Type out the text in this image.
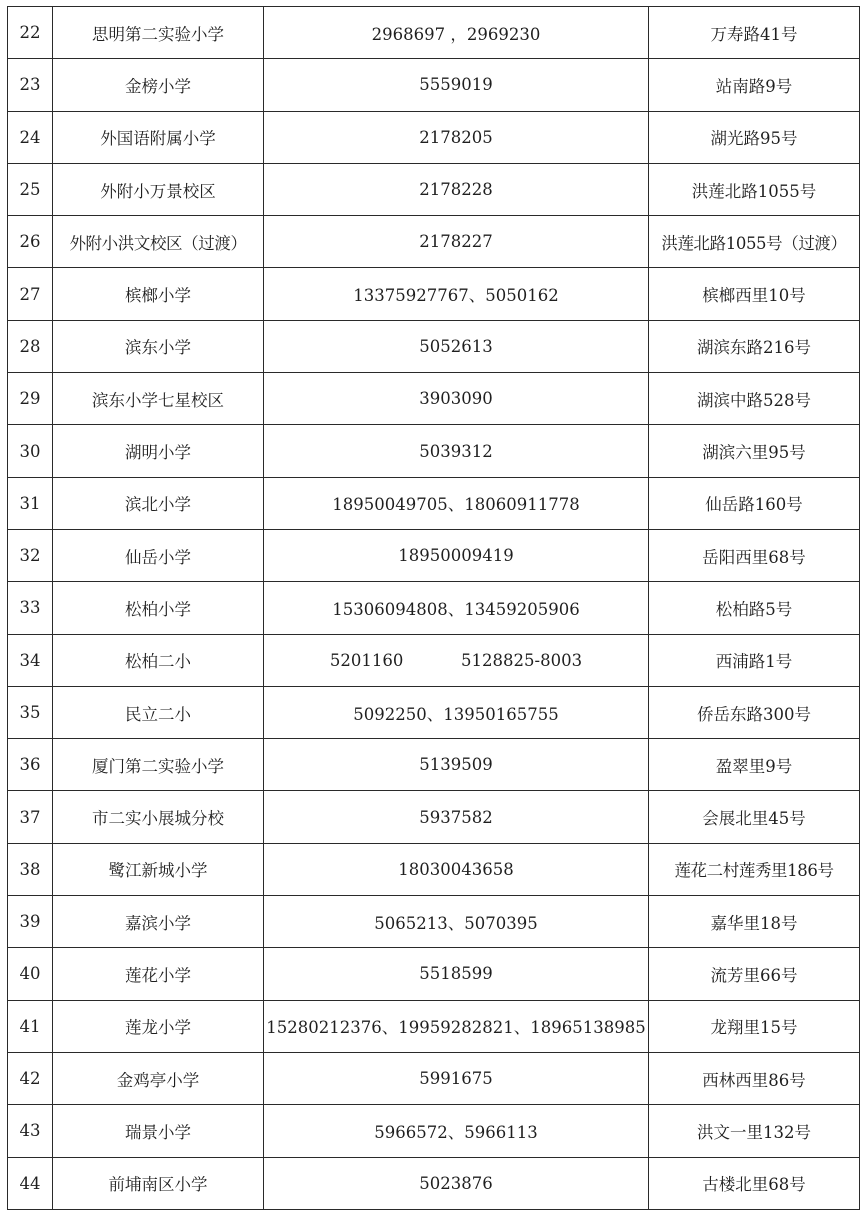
22	思明第二实验小学	2968697 ，2969230	万寿路41号
23	金榜小学	5559019	站南路9号
24	外国语附属小学	2178205	湖光路95号
25	外附小万景校区	2178228	洪莲北路1055号
26	外附小洪文校区（过渡）	2178227	洪莲北路1055号（过渡）
27	槟榔小学	13375927767、5050162	槟榔西里10号
28	滨东小学	5052613	湖滨东路216号
29	滨东小学七星校区	3903090	湖滨中路528号
30	湖明小学	5039312	湖滨六里95号
31	滨北小学	18950049705、18060911778	仙岳路160号
32	仙岳小学	18950009419	岳阳西里68号
33	松柏小学	15306094808、13459205906	松柏路5号
34	松柏二小	5201160           5128825-8003	西浦路1号
35	民立二小	5092250、13950165755	侨岳东路300号
36	厦门第二实验小学	5139509	盈翠里9号
37	市二实小展城分校	5937582	会展北里45号
38	鹭江新城小学	18030043658	莲花二村莲秀里186号
39	嘉滨小学	5065213、5070395	嘉华里18号
40	莲花小学	5518599	流芳里66号
41	莲龙小学	15280212376、19959282821、18965138985	龙翔里15号
42	金鸡亭小学	5991675	西林西里86号
43	瑞景小学	5966572、5966113	洪文一里132号
44	前埔南区小学	5023876	古楼北里68号
